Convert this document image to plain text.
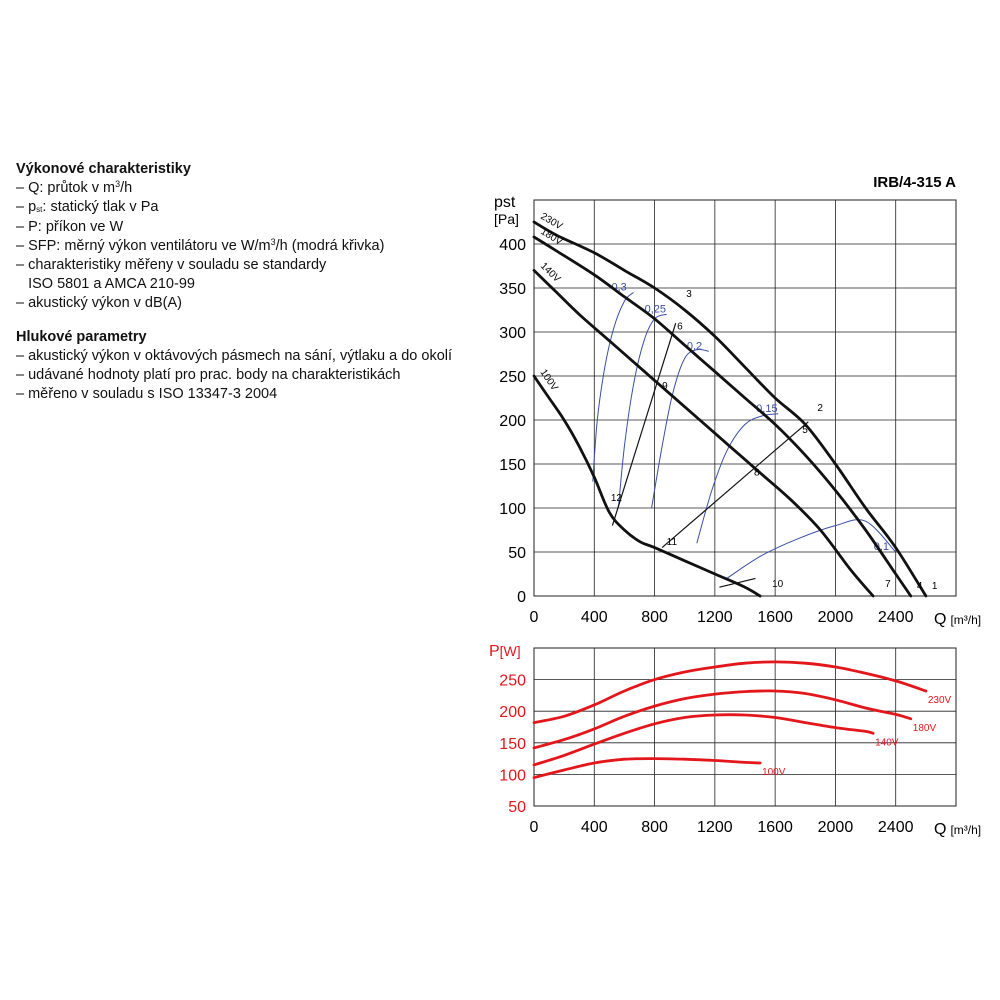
Výkonové charakteristiky
– Q: průtok v $m^3/h$
– $p_{st}$: statický tlak v Pa
– P: příkon ve W
– SFP: měrný výkon ventilátoru ve $W/m^3/h$ (modrá křivka)
– charakteristiky měřeny v souladu se standardy
ISO 5801 a AMCA 210-99
– akustický výkon v dB(A)
Hlukové parametry
– akustický výkon v oktávových pásmech na sání, výtlaku a do okolí
– udávané hodnoty platí pro prac. body na charakteristikách
– měřeno v souladu s ISO 13347-3 2004
IRB/4-315 A
0	400 800 1200 1600 2000 2400
0
50
100
150
200
250
300
350
400
0,3
0,25
0,2
0,15
0,1
230V
180V
140V
100V
1
2
3
4
5
6
7
8
9
10
11
12
pst
[Pa]
Q [m³/h]
0	400 800 1200 1600 2000 2400
50
100
150
200
250
230V
180V
140V
100V
P[W]
Q [m³/h]
